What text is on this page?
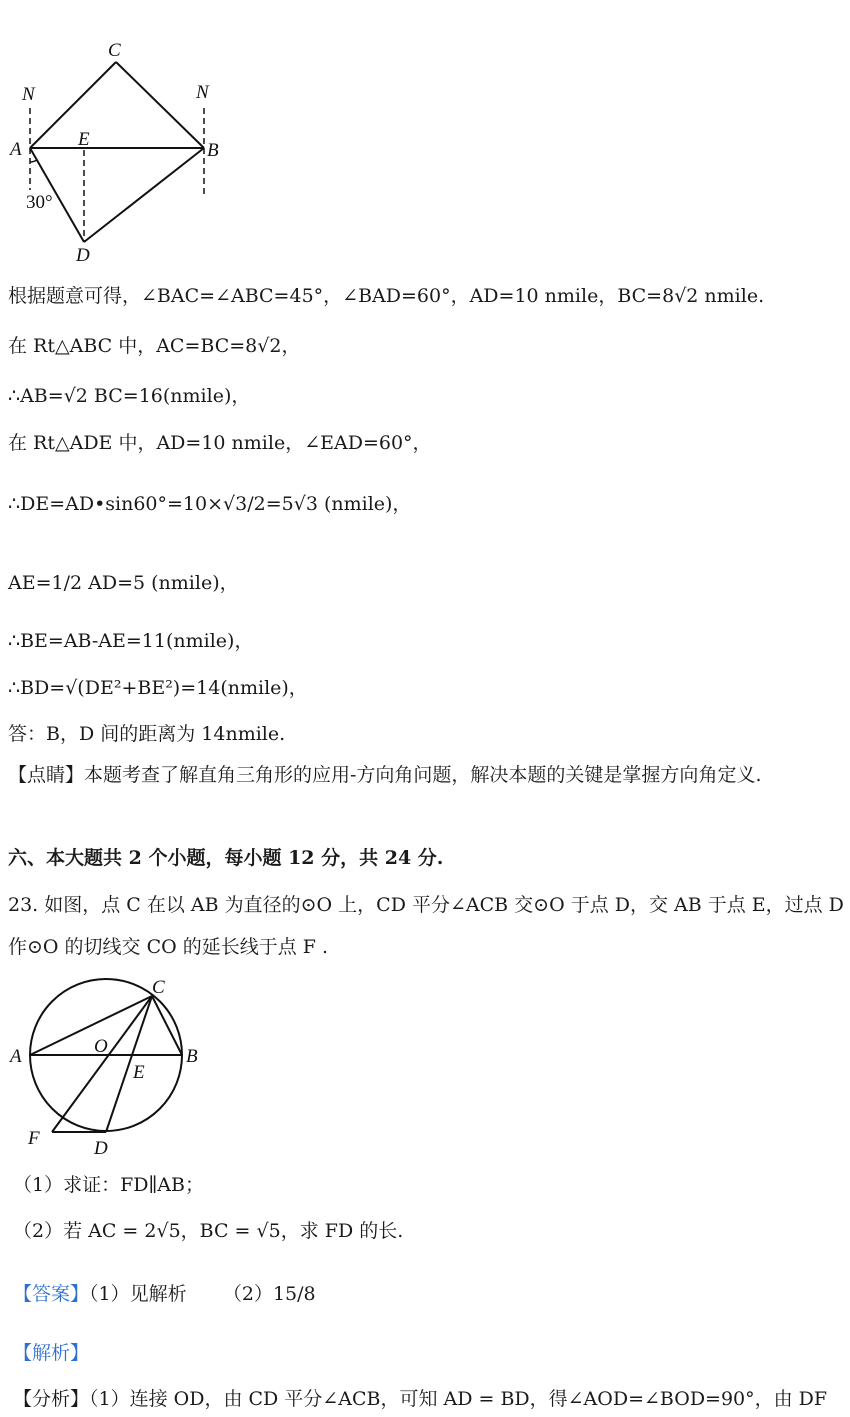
C
N	N
A	E
B
30°
D
根据题意可得，∠BAC=∠ABC=45°，∠BAD=60°，AD=10 nmile，BC=8√2 nmile.
在 Rt△ABC 中，AC=BC=8√2，
∴AB=√2 BC=16(nmile)，
在 Rt△ADE 中，AD=10 nmile，∠EAD=60°，
∴DE=AD•sin60°=10×√3/2=5√3 (nmile)，
AE=1/2 AD=5 (nmile)，
∴BE=AB-AE=11(nmile)，
∴BD=√(DE²+BE²)=14(nmile)，
答：B，D 间的距离为 14nmile.
【点睛】本题考查了解直角三角形的应用-方向角问题，解决本题的关键是掌握方向角定义.
六、本大题共 2 个小题，每小题 12 分，共 24 分.
23. 如图，点 C 在以 AB 为直径的⊙O 上，CD 平分∠ACB 交⊙O 于点 D，交 AB 于点 E，过点 D 作⊙O 的切线交 CO 的延长线于点 F .
C
A	O	B
E
F	D
（1）求证：FD∥AB；
（2）若 AC = 2√5，BC = √5，求 FD 的长.
【答案】（1）见解析 （2）15/8
【解析】
【分析】（1）连接 OD，由 CD 平分∠ACB，可知 AD = BD，得∠AOD=∠BOD=90°，由 DF
